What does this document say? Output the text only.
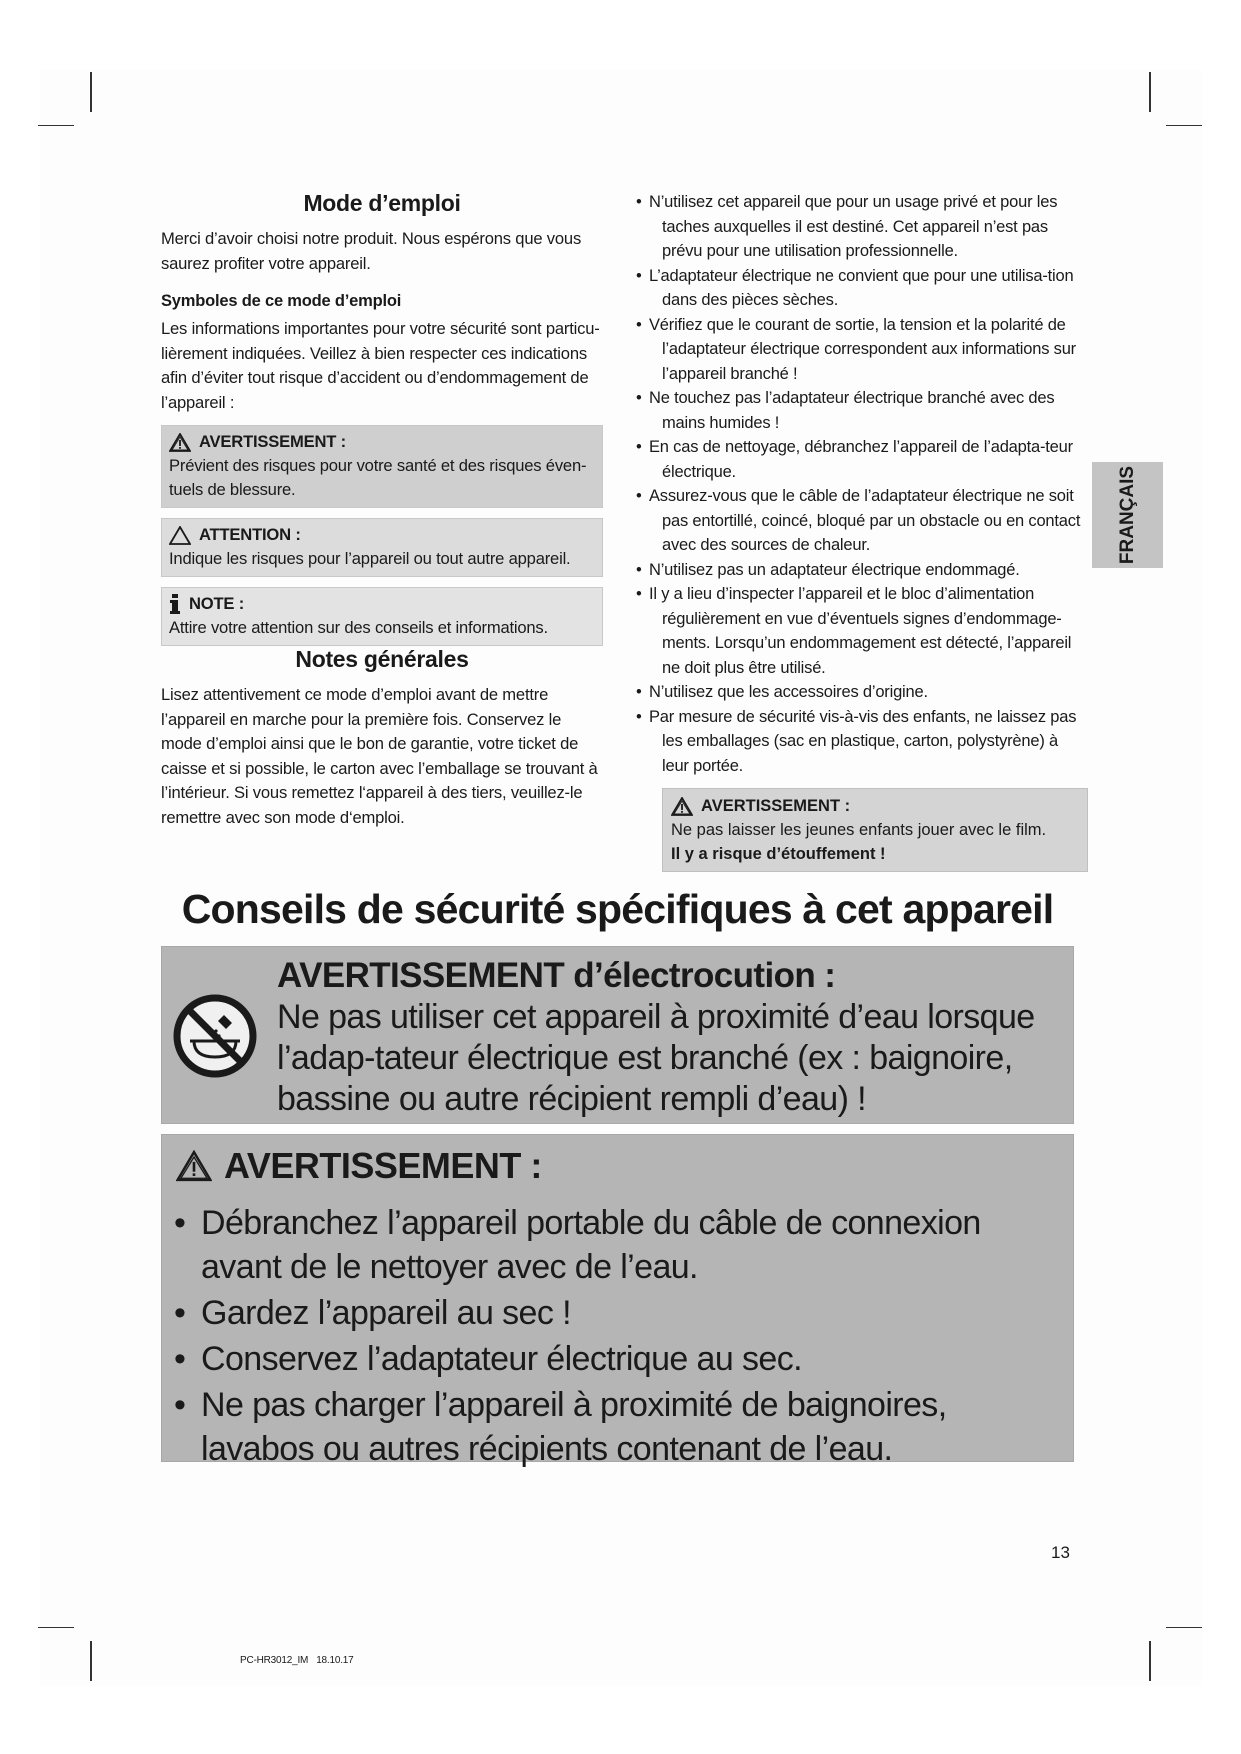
Mode d’emploi

Merci d’avoir choisi notre produit. Nous espérons que vous saurez profiter votre appareil.

Symboles de ce mode d’emploi

Les informations importantes pour votre sécurité sont particu-lièrement indiquées. Veillez à bien respecter ces indications afin d’éviter tout risque d’accident ou d’endommagement de l’appareil :

AVERTISSEMENT :
Prévient des risques pour votre santé et des risques éven-tuels de blessure.
ATTENTION :
Indique les risques pour l’appareil ou tout autre appareil.
NOTE :
Attire votre attention sur des conseils et informations.
Notes générales

Lisez attentivement ce mode d’emploi avant de mettre l’appareil en marche pour la première fois. Conservez le mode d’emploi ainsi que le bon de garantie, votre ticket de caisse et si possible, le carton avec l’emballage se trouvant à l’intérieur. Si vous remettez l‘appareil à des tiers, veuillez-le remettre avec son mode d‘emploi.

• N’utilisez cet appareil que pour un usage privé et pour les taches auxquelles il est destiné. Cet appareil n’est pas prévu pour une utilisation professionnelle.
• L’adaptateur électrique ne convient que pour une utilisa-tion dans des pièces sèches.
• Vérifiez que le courant de sortie, la tension et la polarité de l’adaptateur électrique correspondent aux informations sur l’appareil branché !
• Ne touchez pas l’adaptateur électrique branché avec des mains humides !
• En cas de nettoyage, débranchez l’appareil de l’adapta-teur électrique.
• Assurez-vous que le câble de l’adaptateur électrique ne soit pas entortillé, coincé, bloqué par un obstacle ou en contact avec des sources de chaleur.
• N’utilisez pas un adaptateur électrique endommagé.
• Il y a lieu d’inspecter l’appareil et le bloc d’alimentation régulièrement en vue d’éventuels signes d’endommage-ments. Lorsqu’un endommagement est détecté, l’appareil ne doit plus être utilisé.
• N’utilisez que les accessoires d’origine.
• Par mesure de sécurité vis-à-vis des enfants, ne laissez pas les emballages (sac en plastique, carton, polystyrène) à leur portée.
AVERTISSEMENT :
Ne pas laisser les jeunes enfants jouer avec le film.
Il y a risque d’étouffement !
FRANÇAIS
Conseils de sécurité spécifiques à cet appareil
AVERTISSEMENT d’électrocution :
Ne pas utiliser cet appareil à proximité d’eau lorsque l’adap-tateur électrique est branché (ex : baignoire, bassine ou autre récipient rempli d’eau) !
AVERTISSEMENT :
• Débranchez l’appareil portable du câble de connexion avant de le nettoyer avec de l’eau.
• Gardez l’appareil au sec !
• Conservez l’adaptateur électrique au sec.
• Ne pas charger l’appareil à proximité de baignoires, lavabos ou autres récipients contenant de l’eau.
13
PC-HR3012_IM 18.10.17
